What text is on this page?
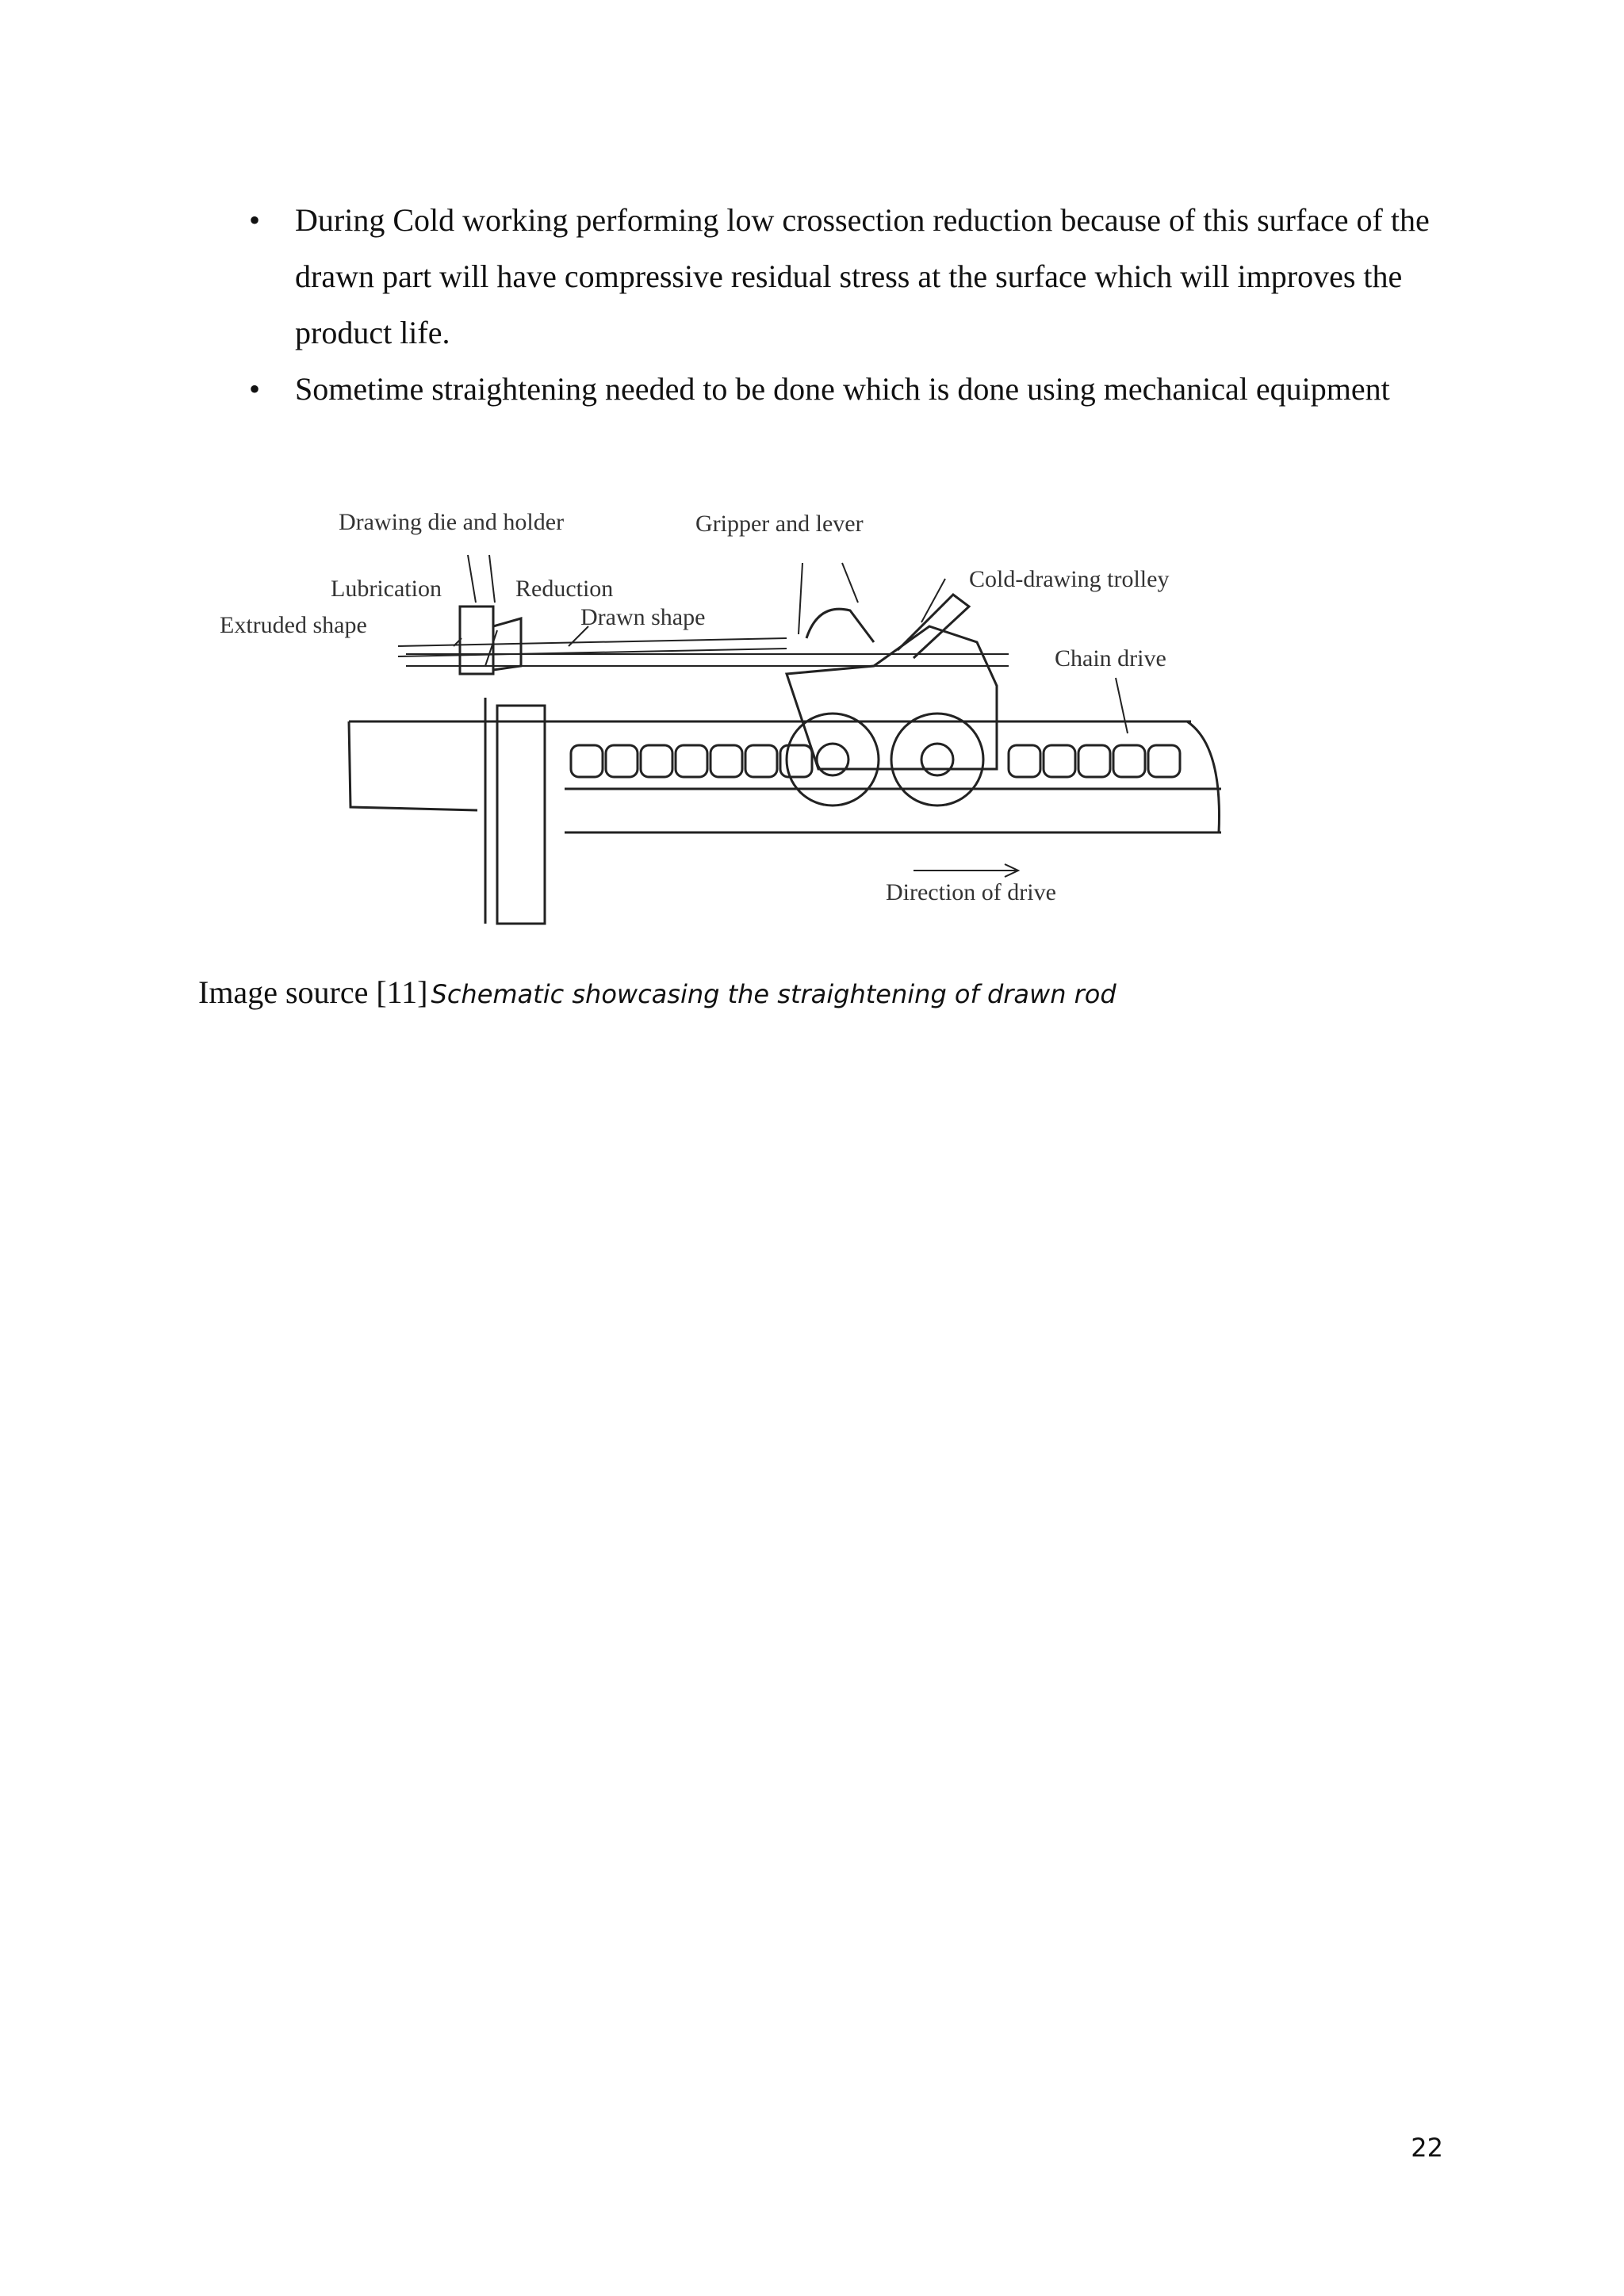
• During Cold working performing low crossection reduction because of this surface of the drawn part will have compressive residual stress at the surface which will improves the product life.
• Sometime straightening needed to be done which is done using mechanical equipment
Drawing die and holder	Gripper and lever
Lubrication	Reduction	Cold-drawing trolley
Extruded shape	Drawn shape
Chain drive
Direction of drive
Image source [11] Schematic showcasing the straightening of drawn rod
22
